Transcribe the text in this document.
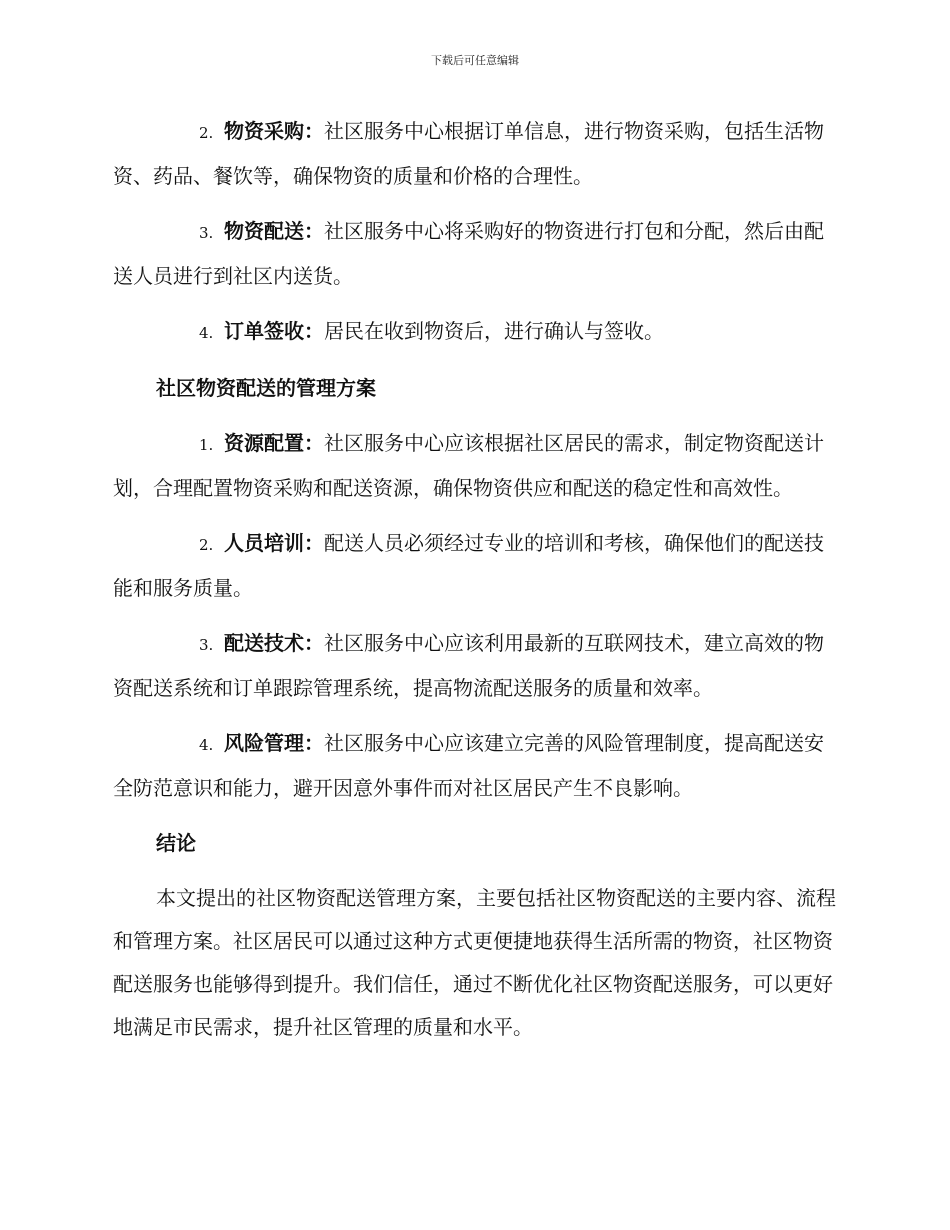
下载后可任意编辑

2. 物资采购：社区服务中心根据订单信息，进行物资采购，包括生活物资、药品、餐饮等，确保物资的质量和价格的合理性。

3. 物资配送：社区服务中心将采购好的物资进行打包和分配，然后由配送人员进行到社区内送货。

4. 订单签收：居民在收到物资后，进行确认与签收。

社区物资配送的管理方案

1. 资源配置：社区服务中心应该根据社区居民的需求，制定物资配送计划，合理配置物资采购和配送资源，确保物资供应和配送的稳定性和高效性。

2. 人员培训：配送人员必须经过专业的培训和考核，确保他们的配送技能和服务质量。

3. 配送技术：社区服务中心应该利用最新的互联网技术，建立高效的物资配送系统和订单跟踪管理系统，提高物流配送服务的质量和效率。

4. 风险管理：社区服务中心应该建立完善的风险管理制度，提高配送安全防范意识和能力，避开因意外事件而对社区居民产生不良影响。

结论

本文提出的社区物资配送管理方案，主要包括社区物资配送的主要内容、流程和管理方案。社区居民可以通过这种方式更便捷地获得生活所需的物资，社区物资配送服务也能够得到提升。我们信任，通过不断优化社区物资配送服务，可以更好地满足市民需求，提升社区管理的质量和水平。
